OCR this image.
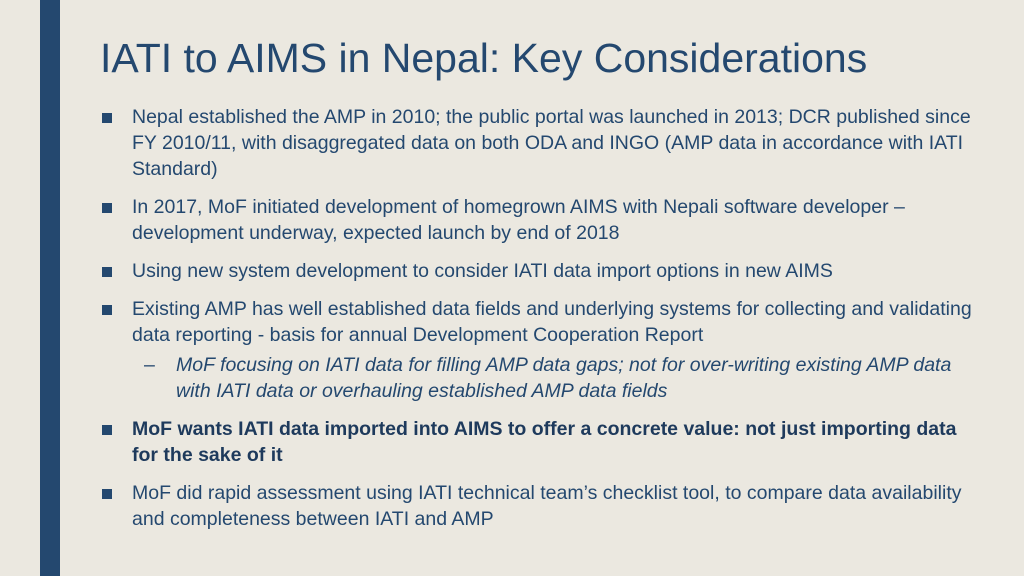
IATI to AIMS in Nepal: Key Considerations
Nepal established the AMP in 2010; the public portal was launched in 2013; DCR published since FY 2010/11, with disaggregated data on both ODA and INGO (AMP data in accordance with IATI Standard)
In 2017, MoF initiated development of homegrown AIMS with Nepali software developer – development underway, expected launch by end of 2018
Using new system development to consider IATI data import options in new AIMS
Existing AMP has well established data fields and underlying systems for collecting and validating data reporting - basis for annual Development Cooperation Report
– MoF focusing on IATI data for filling AMP data gaps; not for over-writing existing AMP data with IATI data or overhauling established AMP data fields
MoF wants IATI data imported into AIMS to offer a concrete value: not just importing data for the sake of it
MoF did rapid assessment using IATI technical team’s checklist tool, to compare data availability and completeness between IATI and AMP
